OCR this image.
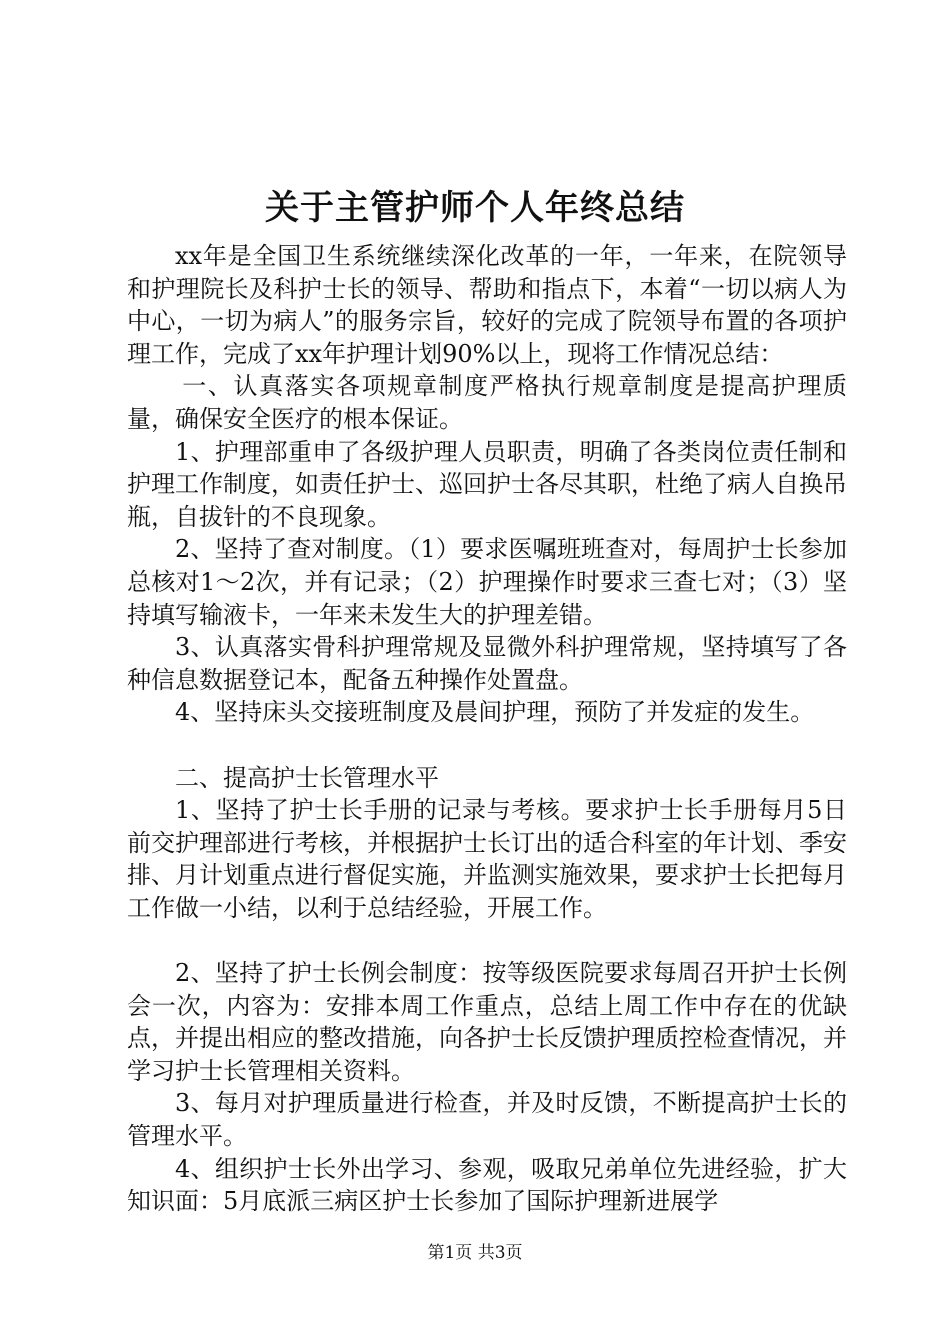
关于主管护师个人年终总结

xx年是全国卫生系统继续深化改革的一年，一年来，在院领导和护理院长及科护士长的领导、帮助和指点下，本着“一切以病人为中心，一切为病人”的服务宗旨，较好的完成了院领导布置的各项护理工作，完成了xx年护理计划90%以上，现将工作情况总结：

一、认真落实各项规章制度严格执行规章制度是提高护理质量，确保安全医疗的根本保证。

1、护理部重申了各级护理人员职责，明确了各类岗位责任制和护理工作制度，如责任护士、巡回护士各尽其职，杜绝了病人自换吊瓶，自拔针的不良现象。

2、坚持了查对制度。（1）要求医嘱班班查对，每周护士长参加总核对1～2次，并有记录；（2）护理操作时要求三查七对；（3）坚持填写输液卡，一年来未发生大的护理差错。

3、认真落实骨科护理常规及显微外科护理常规，坚持填写了各种信息数据登记本，配备五种操作处置盘。

4、坚持床头交接班制度及晨间护理，预防了并发症的发生。

二、提高护士长管理水平

1、坚持了护士长手册的记录与考核。要求护士长手册每月5日前交护理部进行考核，并根据护士长订出的适合科室的年计划、季安排、月计划重点进行督促实施，并监测实施效果，要求护士长把每月工作做一小结，以利于总结经验，开展工作。

2、坚持了护士长例会制度：按等级医院要求每周召开护士长例会一次，内容为：安排本周工作重点，总结上周工作中存在的优缺点，并提出相应的整改措施，向各护士长反馈护理质控检查情况，并学习护士长管理相关资料。

3、每月对护理质量进行检查，并及时反馈，不断提高护士长的管理水平。

4、组织护士长外出学习、参观，吸取兄弟单位先进经验，扩大知识面：5月底派三病区护士长参加了国际护理新进展学

第1页 共3页
